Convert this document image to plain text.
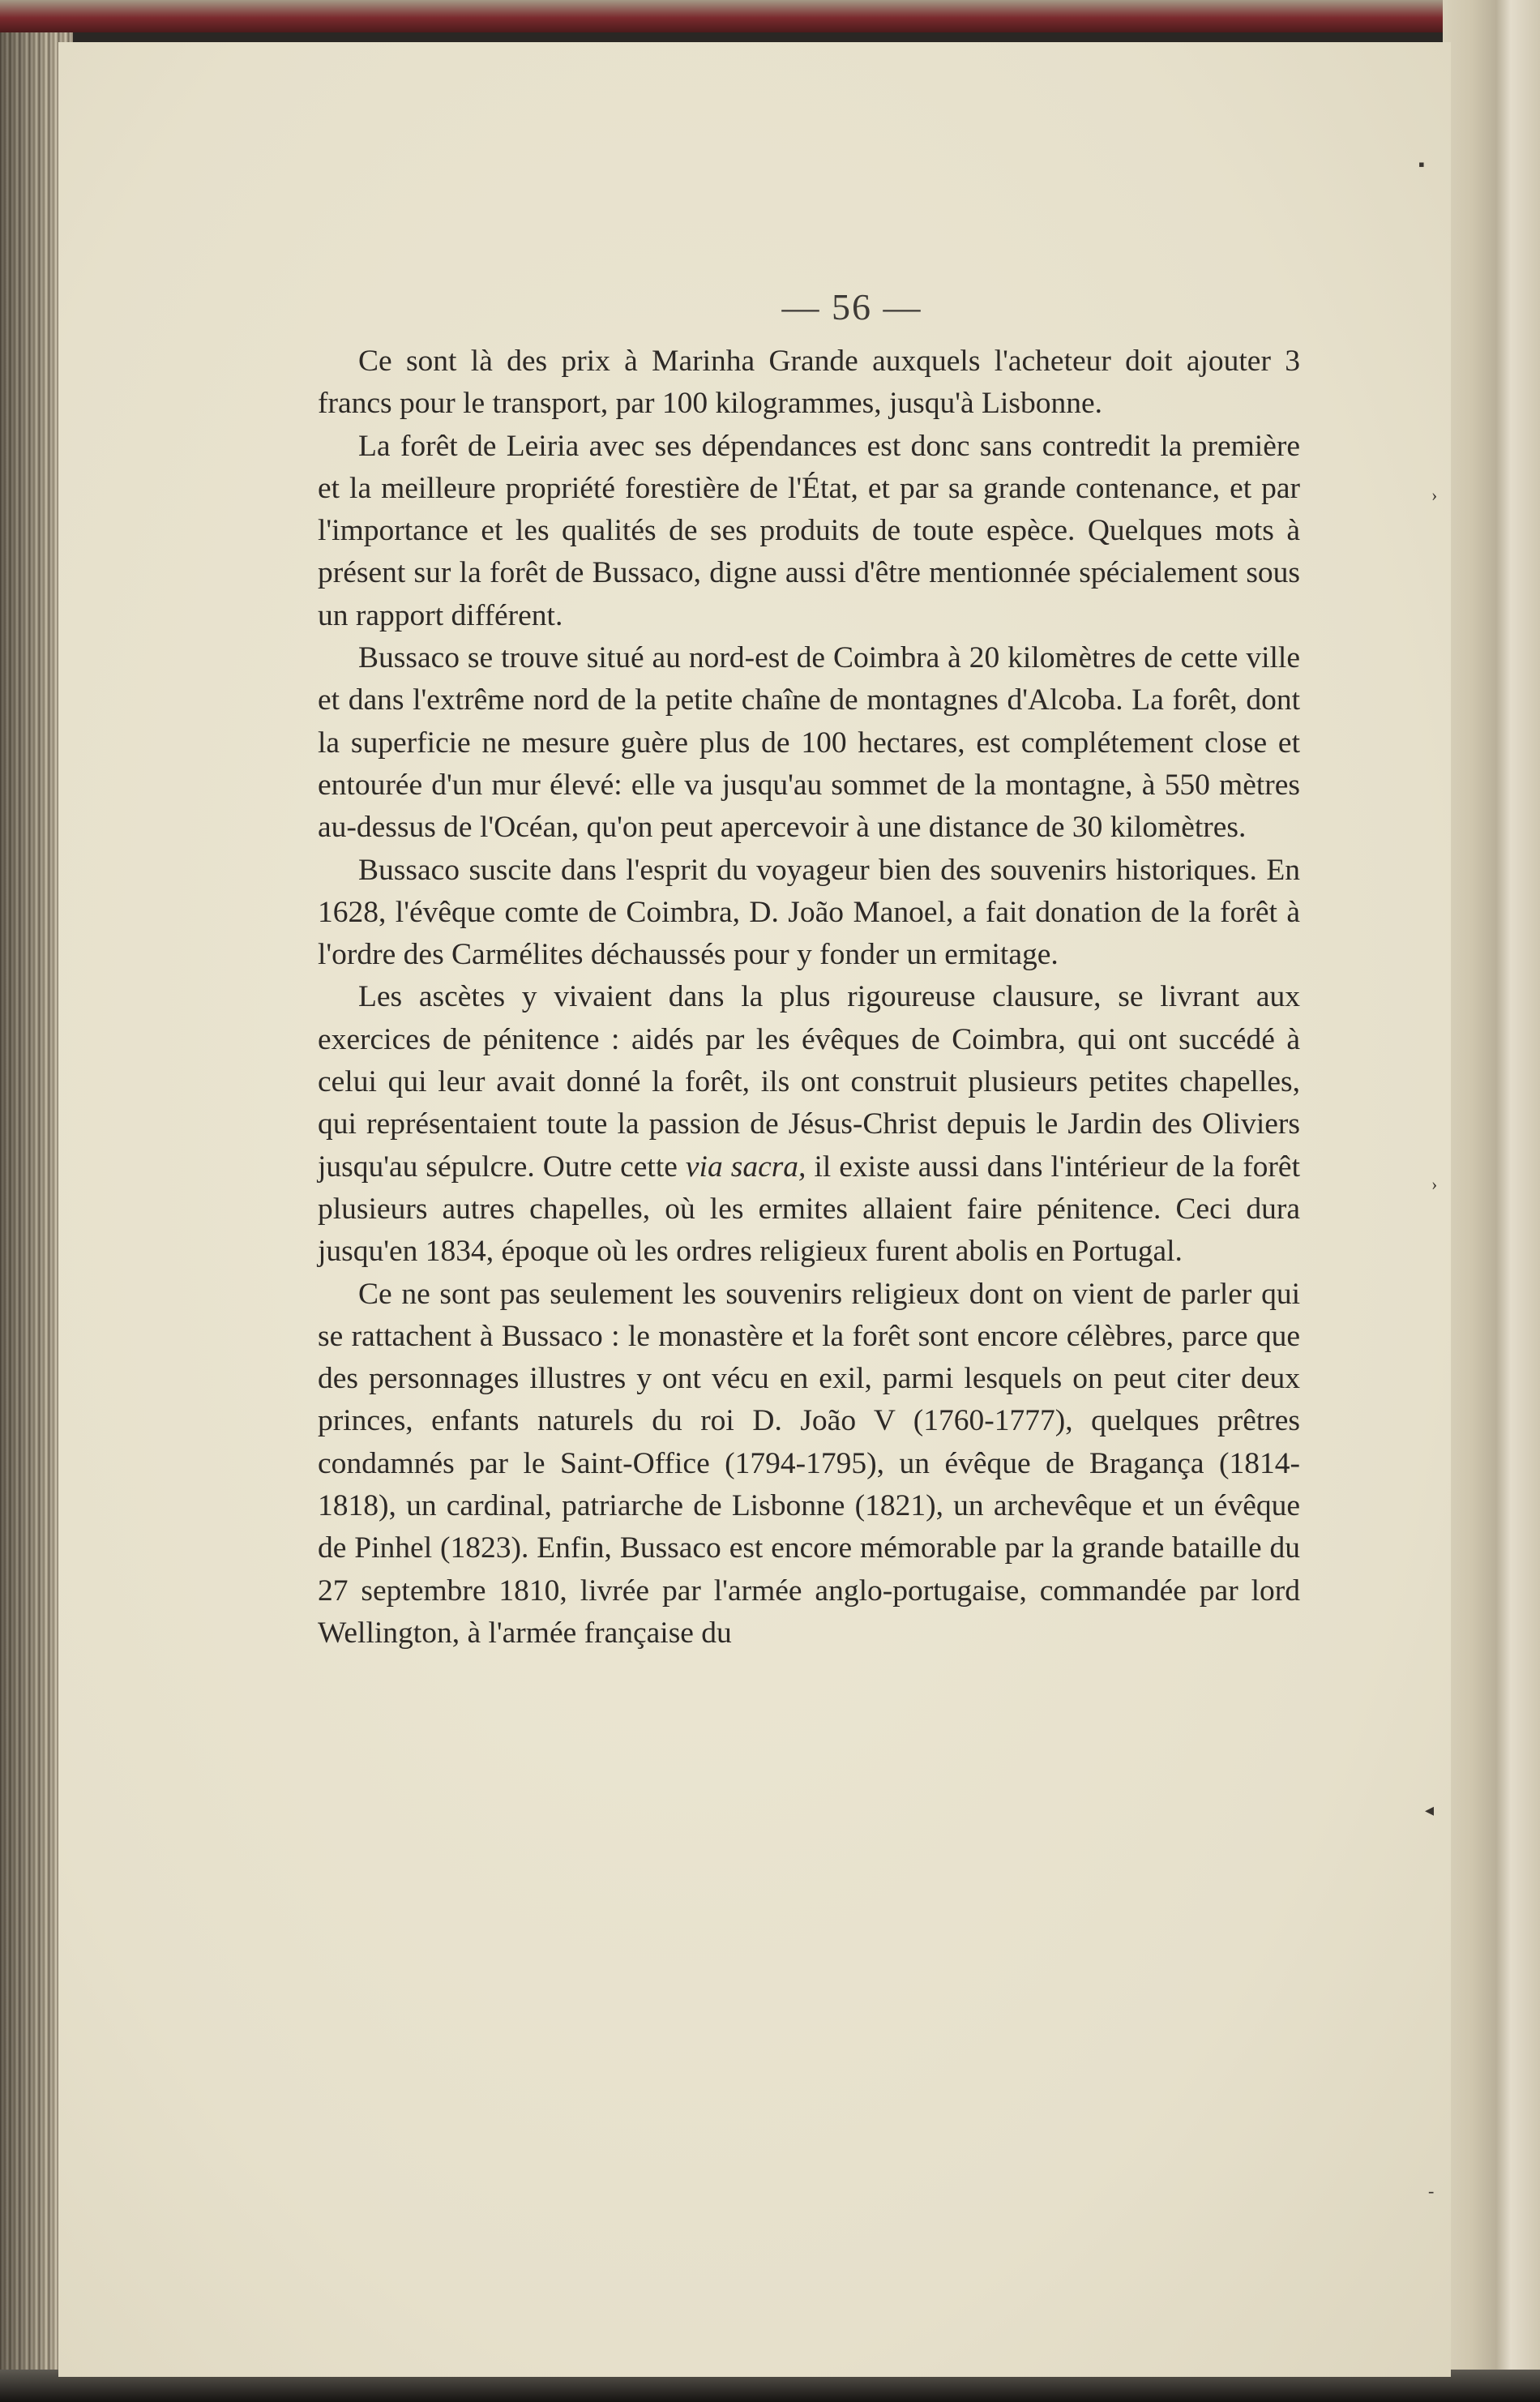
▪
›
›
◂
‑
— 56 —

Ce sont là des prix à Marinha Grande auxquels l'acheteur doit ajouter 3 francs pour le transport, par 100 kilogrammes, jusqu'à Lisbonne.

La forêt de Leiria avec ses dépendances est donc sans contredit la première et la meilleure propriété forestière de l'État, et par sa grande contenance, et par l'importance et les qualités de ses produits de toute espèce. Quelques mots à présent sur la forêt de Bussaco, digne aussi d'être mentionnée spécialement sous un rapport différent.

Bussaco se trouve situé au nord-est de Coimbra à 20 kilomètres de cette ville et dans l'extrême nord de la petite chaîne de montagnes d'Alcoba. La forêt, dont la superficie ne mesure guère plus de 100 hectares, est complétement close et entourée d'un mur élevé: elle va jusqu'au sommet de la montagne, à 550 mètres au-dessus de l'Océan, qu'on peut apercevoir à une distance de 30 kilomètres.

Bussaco suscite dans l'esprit du voyageur bien des souvenirs historiques. En 1628, l'évêque comte de Coimbra, D. João Manoel, a fait donation de la forêt à l'ordre des Carmélites déchaussés pour y fonder un ermitage.

Les ascètes y vivaient dans la plus rigoureuse clausure, se livrant aux exercices de pénitence : aidés par les évêques de Coimbra, qui ont succédé à celui qui leur avait donné la forêt, ils ont construit plusieurs petites chapelles, qui représentaient toute la passion de Jésus-Christ depuis le Jardin des Oliviers jusqu'au sépulcre. Outre cette via sacra, il existe aussi dans l'intérieur de la forêt plusieurs autres chapelles, où les ermites allaient faire pénitence. Ceci dura jusqu'en 1834, époque où les ordres religieux furent abolis en Portugal.

Ce ne sont pas seulement les souvenirs religieux dont on vient de parler qui se rattachent à Bussaco : le monastère et la forêt sont encore célèbres, parce que des personnages illustres y ont vécu en exil, parmi lesquels on peut citer deux princes, enfants naturels du roi D. João V (1760-1777), quelques prêtres condamnés par le Saint-Office (1794-1795), un évêque de Bragança (1814-1818), un cardinal, patriarche de Lisbonne (1821), un archevêque et un évêque de Pinhel (1823). Enfin, Bussaco est encore mémorable par la grande bataille du 27 septembre 1810, livrée par l'armée anglo-portugaise, commandée par lord Wellington, à l'armée française du
